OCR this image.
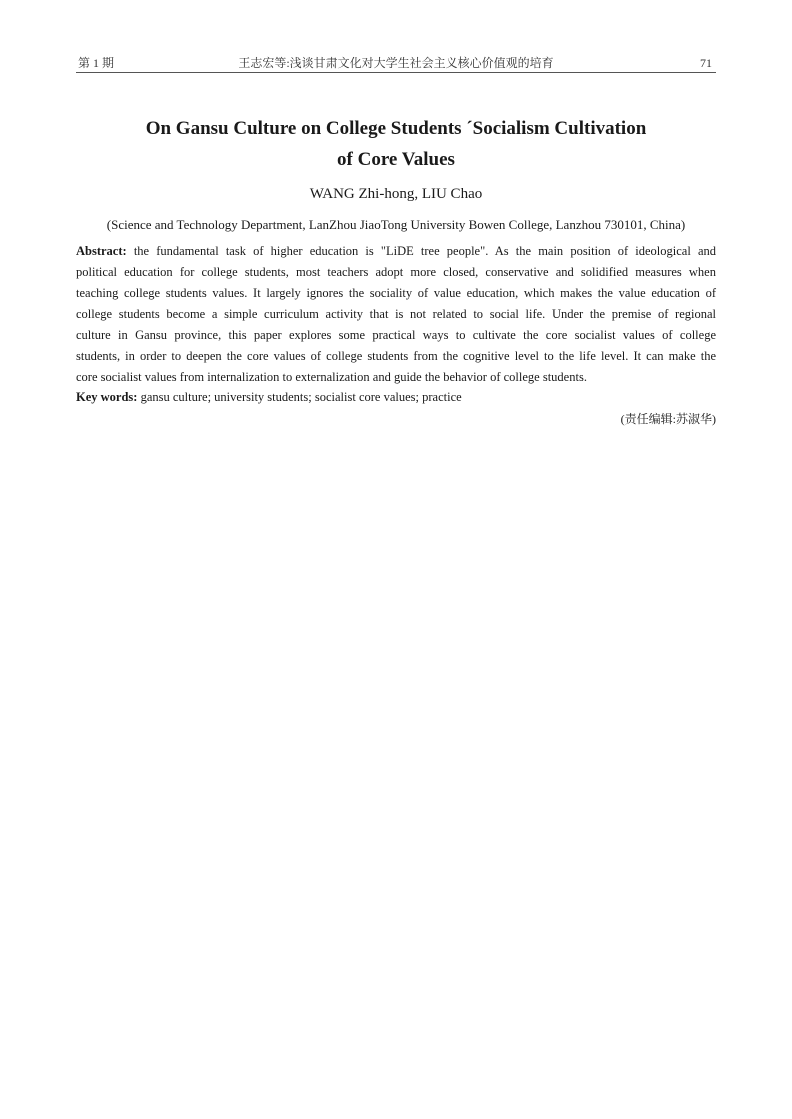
第 1 期	王志宏等:浅谈甘肃文化对大学生社会主义核心价值观的培育	71
On Gansu Culture on College Students ´Socialism Cultivation
of Core Values
WANG Zhi-hong, LIU Chao
(Science and Technology Department, LanZhou JiaoTong University Bowen College, Lanzhou 730101, China)
Abstract: the fundamental task of higher education is "LiDE tree people". As the main position of ideological and
political education for college students, most teachers adopt more closed, conservative and solidified measures when
teaching college students values. It largely ignores the sociality of value education, which makes the value education of
college students become a simple curriculum activity that is not related to social life. Under the premise of regional
culture in Gansu province, this paper explores some practical ways to cultivate the core socialist values of college
students, in order to deepen the core values of college students from the cognitive level to the life level. It can make the
core socialist values from internalization to externalization and guide the behavior of college students.
Key words: gansu culture; university students; socialist core values; practice
(责任编辑:苏淑华)
